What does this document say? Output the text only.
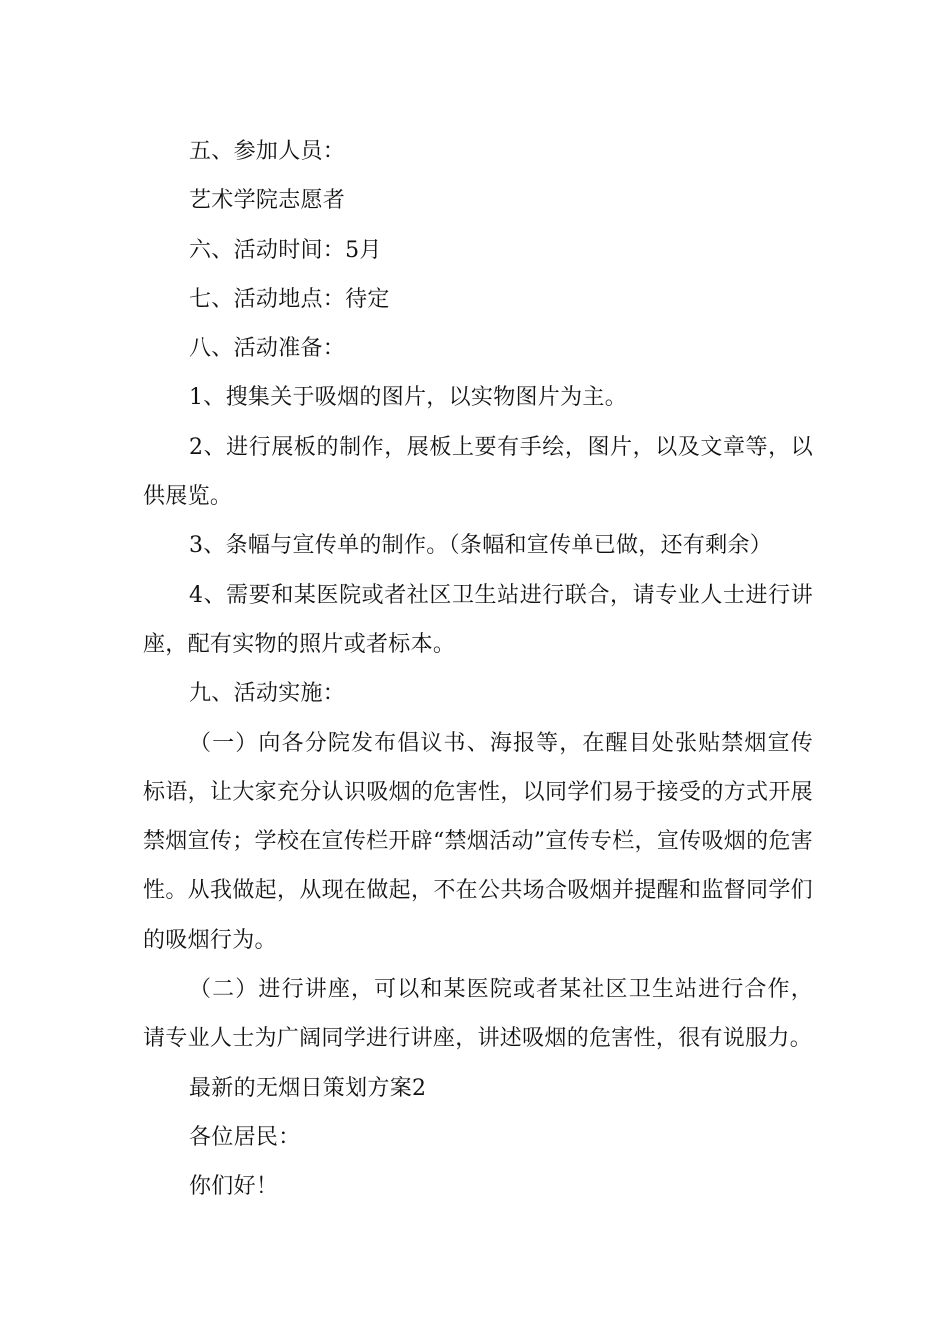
五、参加人员：

艺术学院志愿者

六、活动时间：5月

七、活动地点：待定

八、活动准备：

1、搜集关于吸烟的图片，以实物图片为主。

2、进行展板的制作，展板上要有手绘，图片，以及文章等，以供展览。

3、条幅与宣传单的制作。（条幅和宣传单已做，还有剩余）

4、需要和某医院或者社区卫生站进行联合，请专业人士进行讲座，配有实物的照片或者标本。

九、活动实施：

（一）向各分院发布倡议书、海报等，在醒目处张贴禁烟宣传标语，让大家充分认识吸烟的危害性，以同学们易于接受的方式开展禁烟宣传；学校在宣传栏开辟“禁烟活动”宣传专栏，宣传吸烟的危害性。从我做起，从现在做起，不在公共场合吸烟并提醒和监督同学们的吸烟行为。

（二）进行讲座，可以和某医院或者某社区卫生站进行合作，请专业人士为广阔同学进行讲座，讲述吸烟的危害性，很有说服力。

最新的无烟日策划方案2

各位居民：

你们好！
